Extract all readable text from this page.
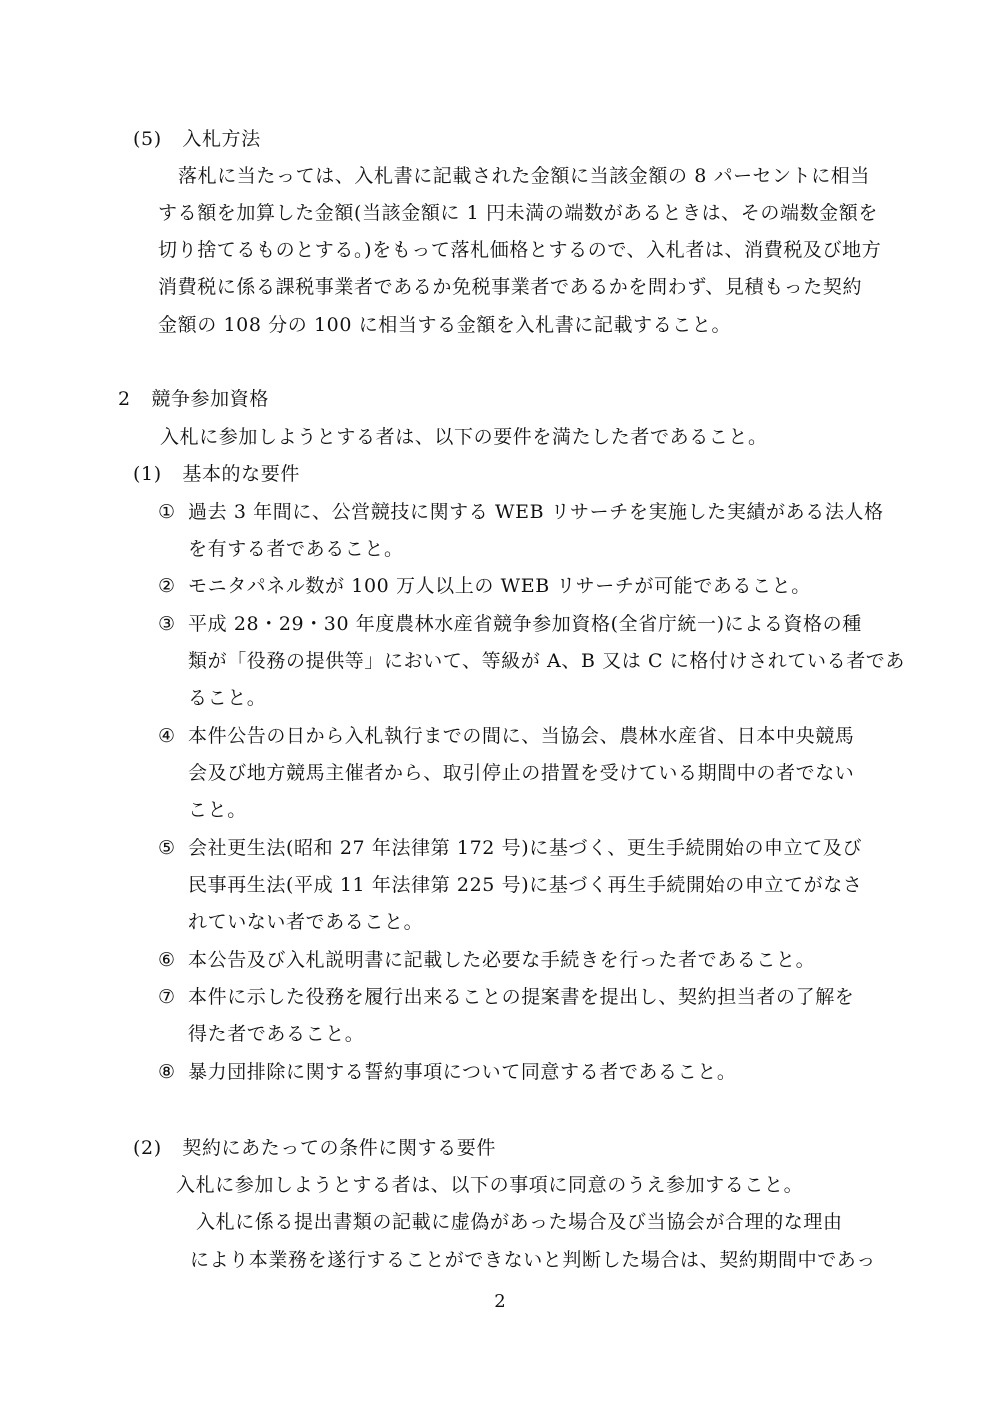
(5) 入札方法
落札に当たっては、入札書に記載された金額に当該金額の 8 パーセントに相当
する額を加算した金額(当該金額に 1 円未満の端数があるときは、その端数金額を
切り捨てるものとする。)をもって落札価格とするので、入札者は、消費税及び地方
消費税に係る課税事業者であるか免税事業者であるかを問わず、見積もった契約
金額の 108 分の 100 に相当する金額を入札書に記載すること。
2 競争参加資格
入札に参加しようとする者は、以下の要件を満たした者であること。
(1) 基本的な要件
① 過去 3 年間に、公営競技に関する WEB リサーチを実施した実績がある法人格
を有する者であること。
② モニタパネル数が 100 万人以上の WEB リサーチが可能であること。
③ 平成 28・29・30 年度農林水産省競争参加資格(全省庁統一)による資格の種
類が「役務の提供等」において、等級が A、B 又は C に格付けされている者であ
ること。
④ 本件公告の日から入札執行までの間に、当協会、農林水産省、日本中央競馬
会及び地方競馬主催者から、取引停止の措置を受けている期間中の者でない
こと。
⑤ 会社更生法(昭和 27 年法律第 172 号)に基づく、更生手続開始の申立て及び
民事再生法(平成 11 年法律第 225 号)に基づく再生手続開始の申立てがなさ
れていない者であること。
⑥ 本公告及び入札説明書に記載した必要な手続きを行った者であること。
⑦ 本件に示した役務を履行出来ることの提案書を提出し、契約担当者の了解を
得た者であること。
⑧ 暴力団排除に関する誓約事項について同意する者であること。
(2) 契約にあたっての条件に関する要件
入札に参加しようとする者は、以下の事項に同意のうえ参加すること。
入札に係る提出書類の記載に虚偽があった場合及び当協会が合理的な理由
により本業務を遂行することができないと判断した場合は、契約期間中であっ
2
